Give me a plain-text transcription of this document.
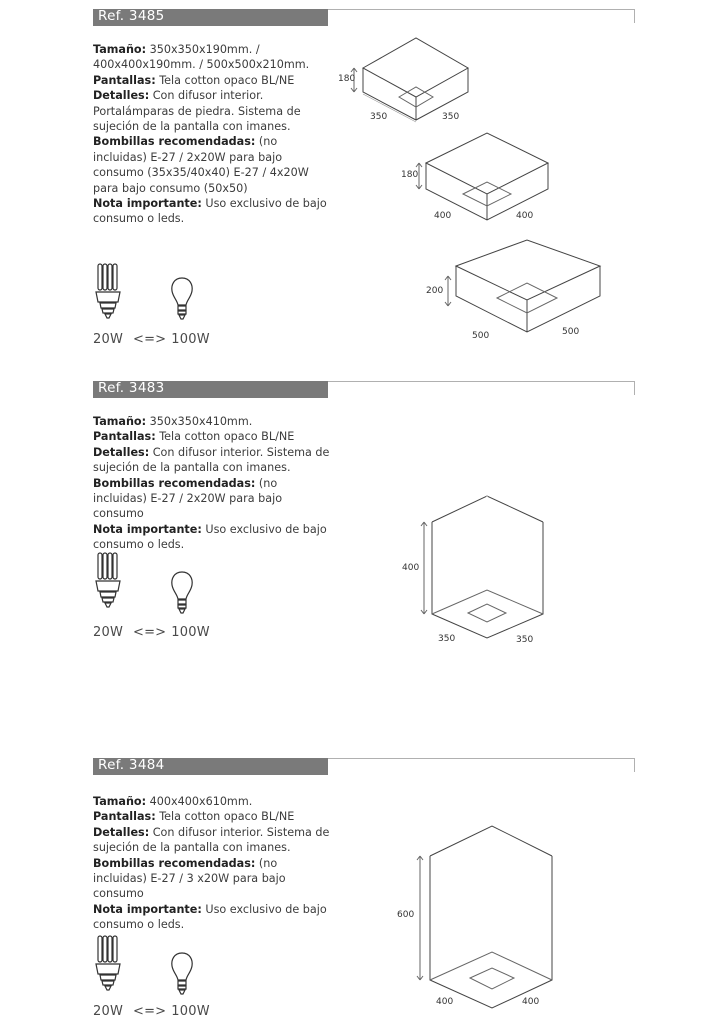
Ref. 3485

Tamaño: 350x350x190mm. / 400x400x190mm. / 500x500x210mm.

Pantallas: Tela cotton opaco BL/NE

Detalles: Con difusor interior. Portalámparas de piedra. Sistema de sujeción de la pantalla con imanes.

Bombillas recomendadas: (no incluidas) E-27 / 2x20W para bajo consumo (35x35/40x40) E-27 / 4x20W para bajo consumo (50x50)

Nota importante: Uso exclusivo de bajo consumo o leds.

20W <=> 100W
180
350	350
180
400	400
200
500	500
Ref. 3483

Tamaño: 350x350x410mm.

Pantallas: Tela cotton opaco BL/NE

Detalles: Con difusor interior. Sistema de sujeción de la pantalla con imanes.

Bombillas recomendadas: (no incluidas) E-27 / 2x20W para bajo consumo

Nota importante: Uso exclusivo de bajo consumo o leds.

20W <=> 100W
400
350	350
Ref. 3484

Tamaño: 400x400x610mm.

Pantallas: Tela cotton opaco BL/NE

Detalles: Con difusor interior. Sistema de sujeción de la pantalla con imanes.

Bombillas recomendadas: (no incluidas) E-27 / 3 x20W para bajo consumo

Nota importante: Uso exclusivo de bajo consumo o leds.

20W <=> 100W
600
400	400
